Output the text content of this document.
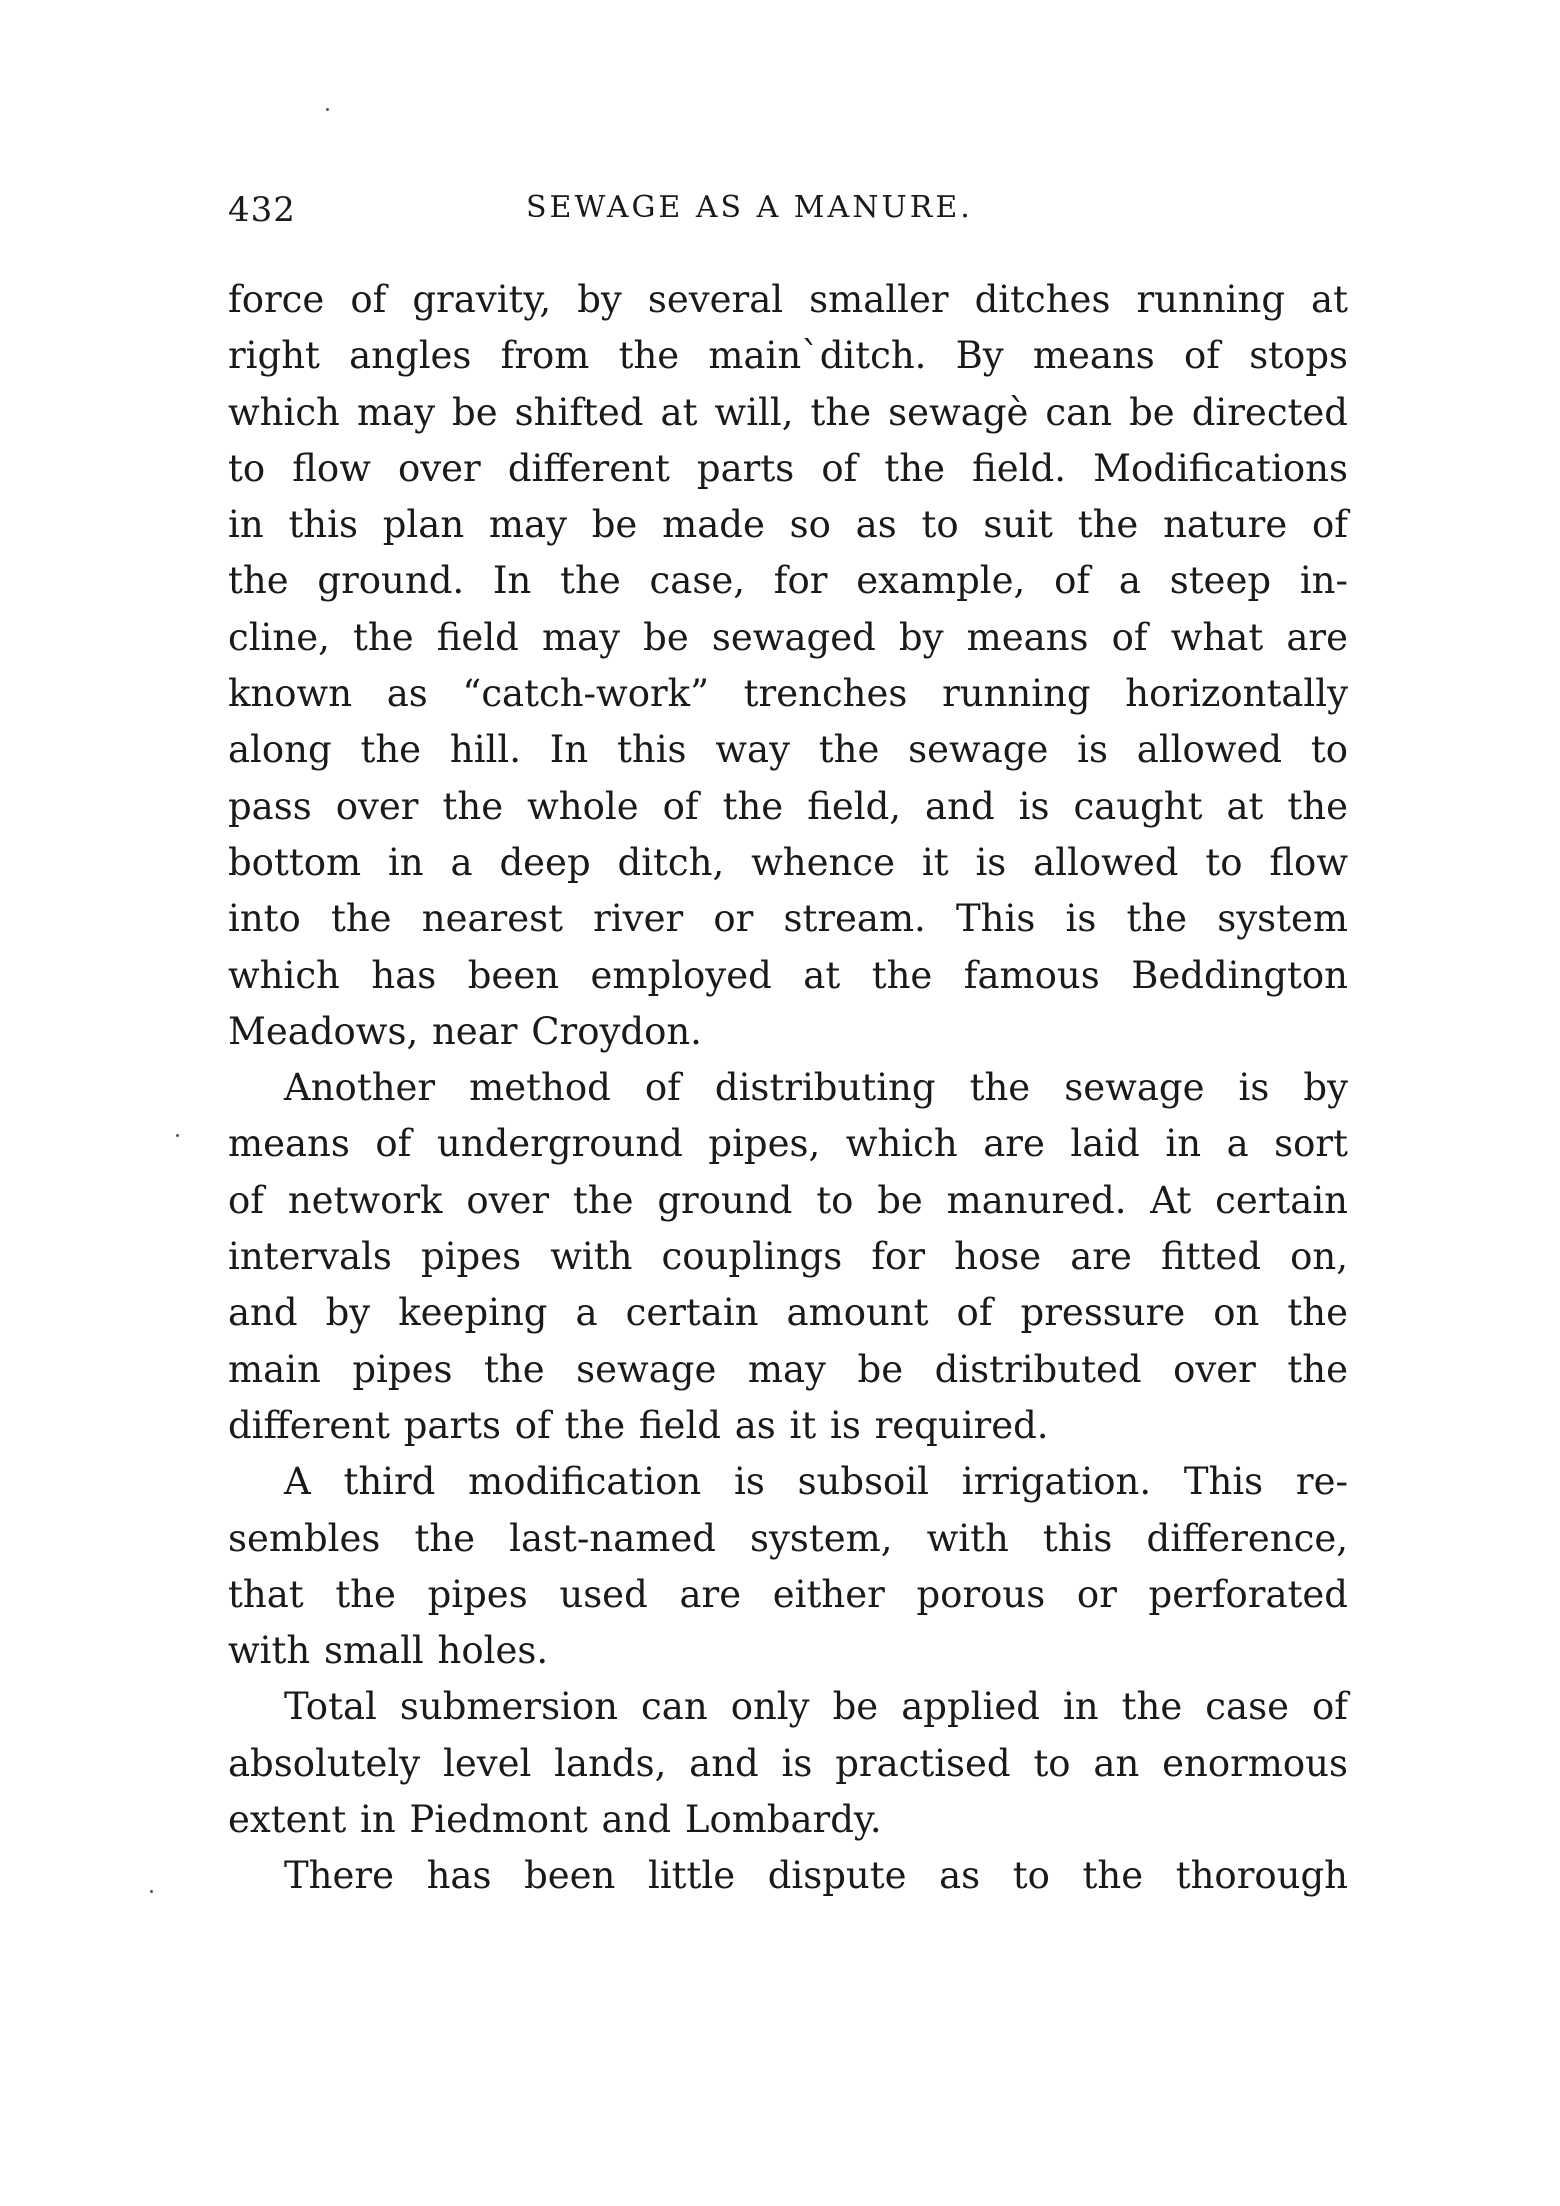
432	SEWAGE AS A MANURE.
force of gravity, by several smaller ditches running at
right angles from the main`ditch. By means of stops
which may be shifted at will, the sewagè can be directed
to flow over different parts of the field. Modifications
in this plan may be made so as to suit the nature of
the ground. In the case, for example, of a steep in-
cline, the field may be sewaged by means of what are
known as “catch-work” trenches running horizontally
along the hill. In this way the sewage is allowed to
pass over the whole of the field, and is caught at the
bottom in a deep ditch, whence it is allowed to flow
into the nearest river or stream. This is the system
which has been employed at the famous Beddington
Meadows, near Croydon.
Another method of distributing the sewage is by
means of underground pipes, which are laid in a sort
of network over the ground to be manured. At certain
intervals pipes with couplings for hose are fitted on,
and by keeping a certain amount of pressure on the
main pipes the sewage may be distributed over the
different parts of the field as it is required.
A third modification is subsoil irrigation. This re-
sembles the last-named system, with this difference,
that the pipes used are either porous or perforated
with small holes.
Total submersion can only be applied in the case of
absolutely level lands, and is practised to an enormous
extent in Piedmont and Lombardy.
There has been little dispute as to the thorough
